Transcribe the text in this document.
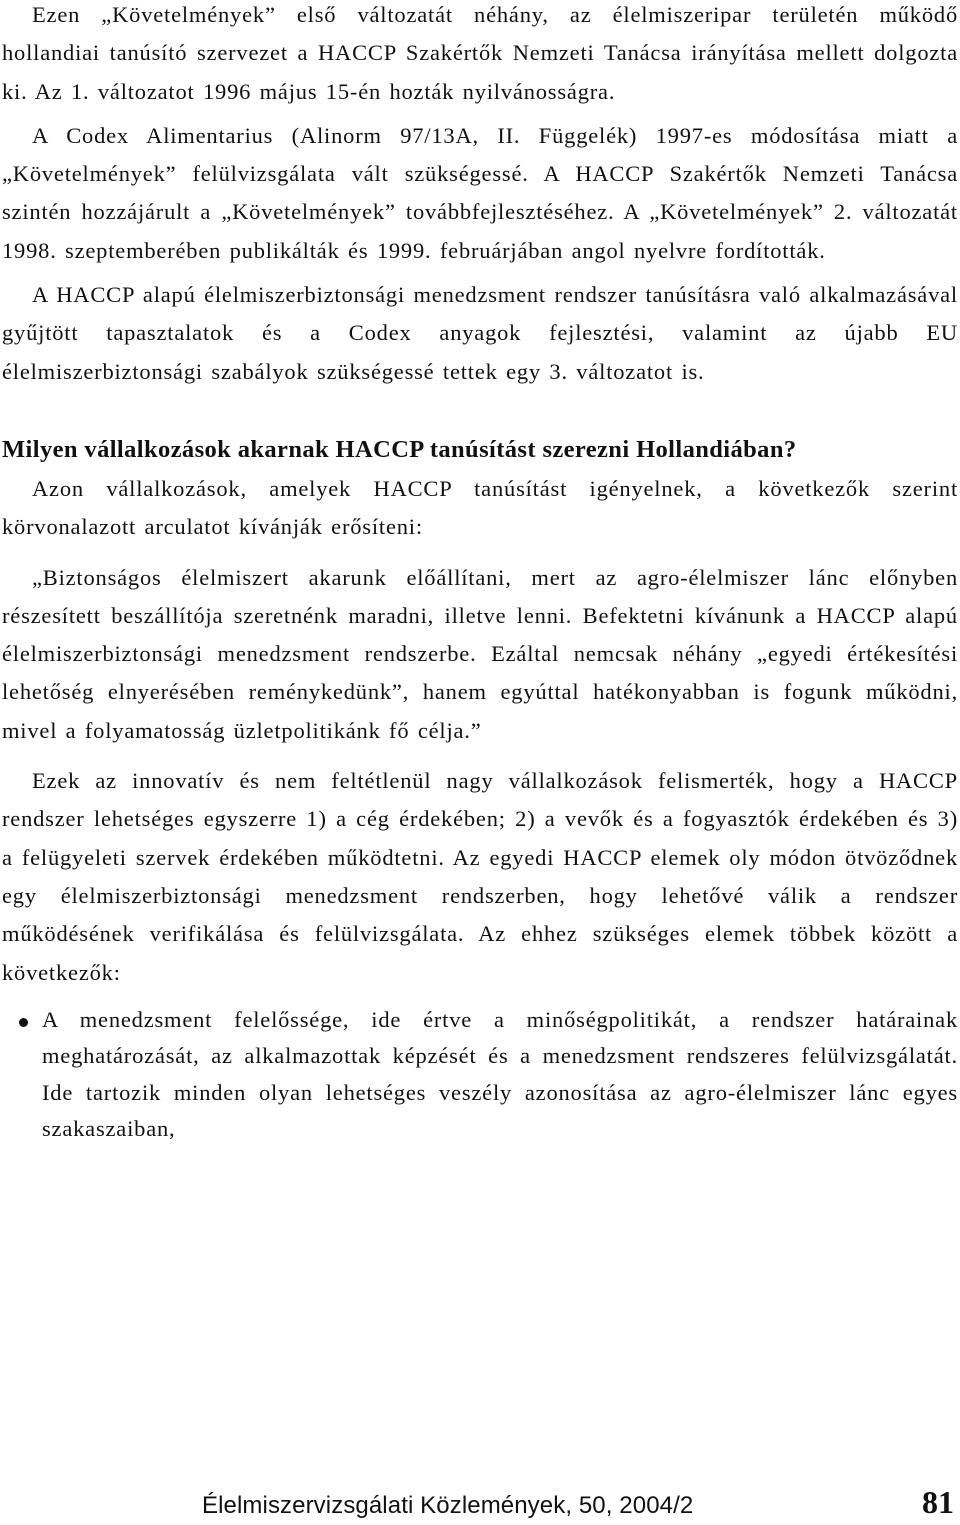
Ezen „Követelmények” első változatát néhány, az élelmiszeripar területén működő hollandiai tanúsító szervezet a HACCP Szakértők Nemzeti Tanácsa irányítása mellett dolgozta ki. Az 1. változatot 1996 május 15-én hozták nyilvánosságra.

A Codex Alimentarius (Alinorm 97/13A, II. Függelék) 1997-es módosítása miatt a „Követelmények” felülvizsgálata vált szükségessé. A HACCP Szakértők Nemzeti Tanácsa szintén hozzájárult a „Követelmények” továbbfejlesztéséhez. A „Követelmények” 2. változatát 1998. szeptemberében publikálták és 1999. februárjában angol nyelvre fordították.

A HACCP alapú élelmiszerbiztonsági menedzsment rendszer tanúsításra való alkalmazásával gyűjtött tapasztalatok és a Codex anyagok fejlesztési, valamint az újabb EU élelmiszerbiztonsági szabályok szükségessé tettek egy 3. változatot is.

Milyen vállalkozások akarnak HACCP tanúsítást szerezni Hollandiában?

Azon vállalkozások, amelyek HACCP tanúsítást igényelnek, a következők szerint körvonalazott arculatot kívánják erősíteni:

„Biztonságos élelmiszert akarunk előállítani, mert az agro-élelmiszer lánc előnyben részesített beszállítója szeretnénk maradni, illetve lenni. Befektetni kívánunk a HACCP alapú élelmiszerbiztonsági menedzsment rendszerbe. Ezáltal nemcsak néhány „egyedi értékesítési lehetőség elnyerésében reménykedünk”, hanem egyúttal hatékonyabban is fogunk működni, mivel a folyamatosság üzletpolitikánk fő célja.”

Ezek az innovatív és nem feltétlenül nagy vállalkozások felismerték, hogy a HACCP rendszer lehetséges egyszerre 1) a cég érdekében; 2) a vevők és a fogyasztók érdekében és 3) a felügyeleti szervek érdekében működtetni. Az egyedi HACCP elemek oly módon ötvöződnek egy élelmiszerbiztonsági menedzsment rendszerben, hogy lehetővé válik a rendszer működésének verifikálása és felülvizsgálata. Az ehhez szükséges elemek többek között a következők:

A menedzsment felelőssége, ide értve a minőségpolitikát, a rendszer határainak meghatározását, az alkalmazottak képzését és a menedzsment rendszeres felülvizsgálatát. Ide tartozik minden olyan lehetséges veszély azonosítása az agro-élelmiszer lánc egyes szakaszaiban,

Élelmiszervizsgálati Közlemények, 50, 2004/2	81
